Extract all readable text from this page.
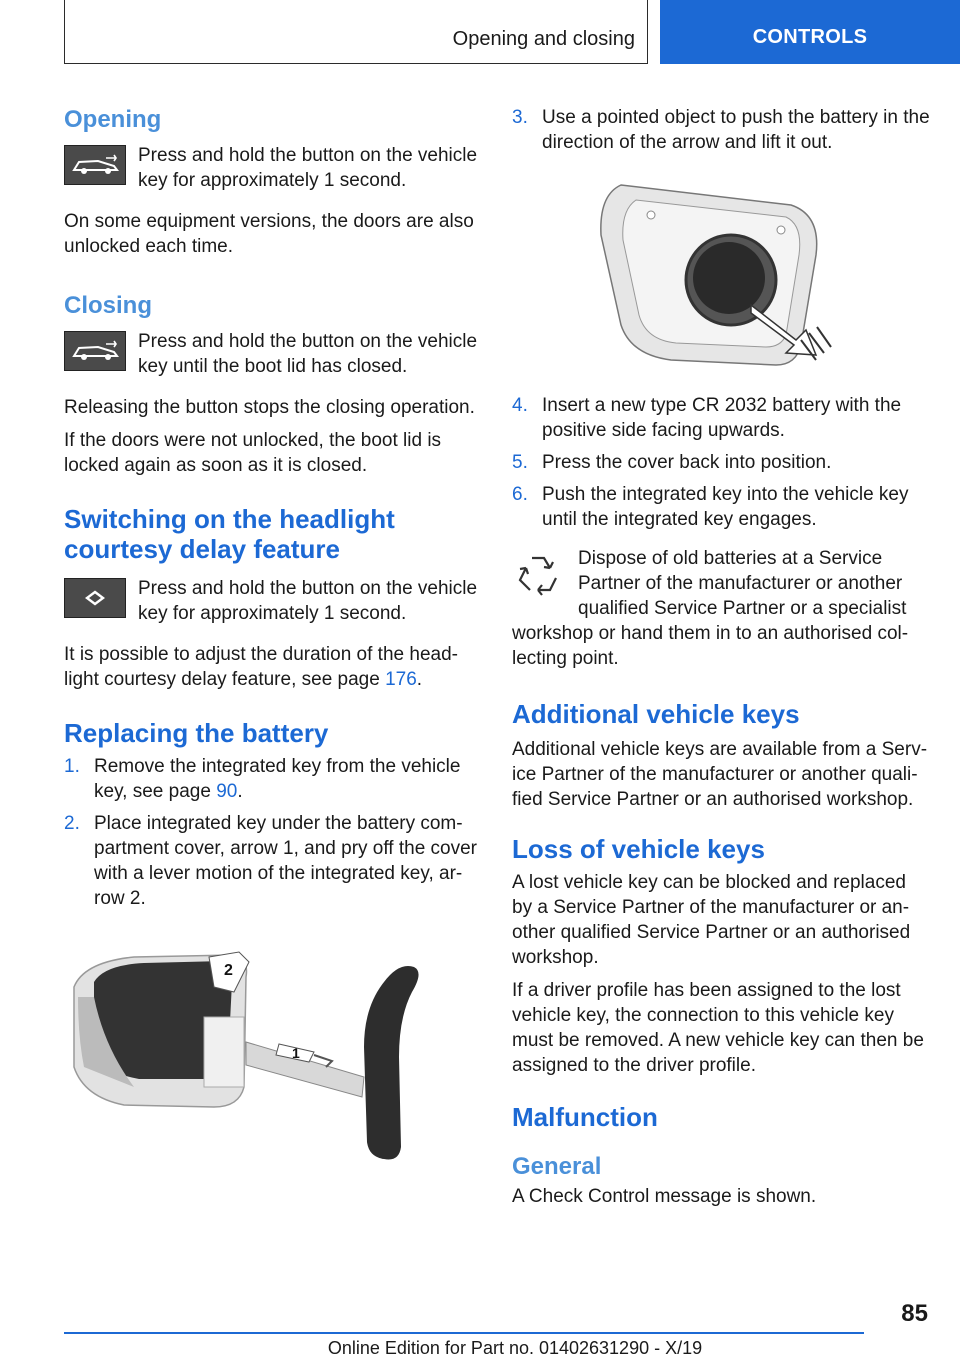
Opening and closing	CONTROLS
Opening

Press and hold the button on the vehicle key for approximately 1 second.

On some equipment versions, the doors are also unlocked each time.

Closing

Press and hold the button on the vehicle key until the boot lid has closed.

Releasing the button stops the closing operation.

If the doors were not unlocked, the boot lid is locked again as soon as it is closed.

Switching on the headlight courtesy delay feature

Press and hold the button on the vehicle key for approximately 1 second.

It is possible to adjust the duration of the headlight courtesy delay feature, see page 176.

Replacing the battery
1. Remove the integrated key from the vehicle key, see page 90.
2. Place integrated key under the battery compartment cover, arrow 1, and pry off the cover with a lever motion of the integrated key, arrow 2.
2
1
3. Use a pointed object to push the battery in the direction of the arrow and lift it out.
4. Insert a new type CR 2032 battery with the positive side facing upwards.
5. Press the cover back into position.
6. Push the integrated key into the vehicle key until the integrated key engages.

Dispose of old batteries at a Service Partner of the manufacturer or another qualified Service Partner or a specialist workshop or hand them in to an authorised collecting point.

Additional vehicle keys

Additional vehicle keys are available from a Service Partner of the manufacturer or another qualified Service Partner or an authorised workshop.

Loss of vehicle keys

A lost vehicle key can be blocked and replaced by a Service Partner of the manufacturer or another qualified Service Partner or an authorised workshop.

If a driver profile has been assigned to the lost vehicle key, the connection to this vehicle key must be removed. A new vehicle key can then be assigned to the driver profile.

Malfunction
General

A Check Control message is shown.

85
Online Edition for Part no. 01402631290 - X/19
